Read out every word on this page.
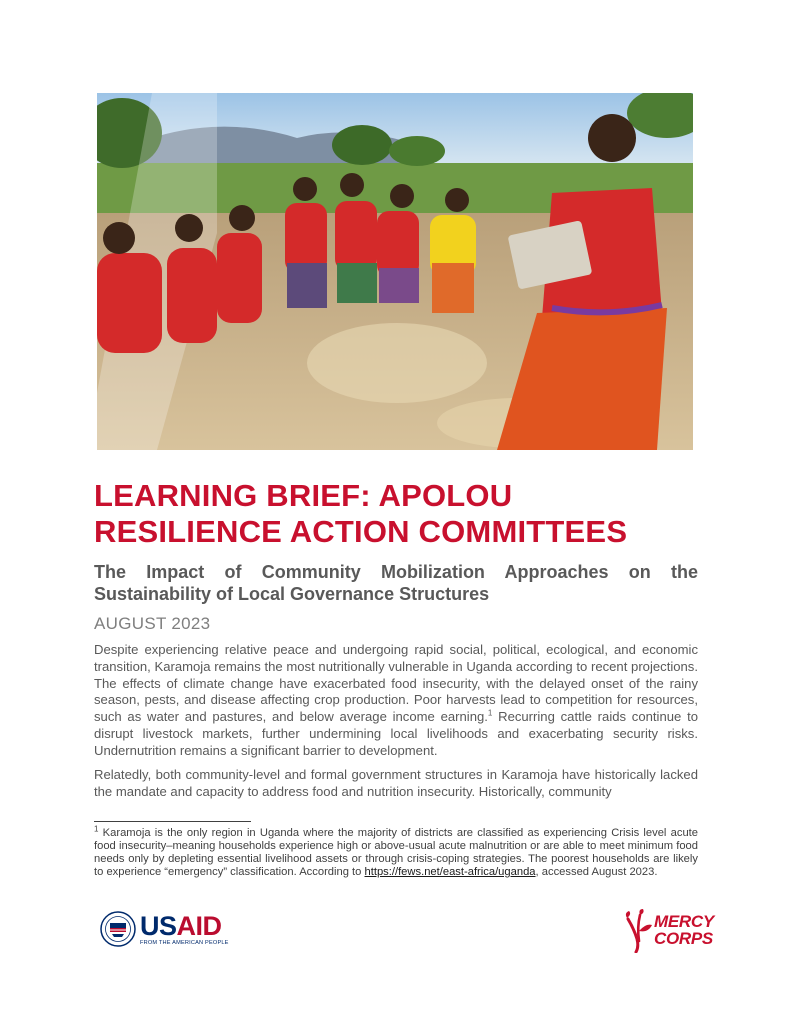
LEARNING BRIEF: APOLOU
RESILIENCE ACTION COMMITTEES

The Impact of Community Mobilization Approaches on the Sustainability of Local Governance Structures

AUGUST 2023

Despite experiencing relative peace and undergoing rapid social, political, ecological, and economic transition, Karamoja remains the most nutritionally vulnerable in Uganda according to recent projections. The effects of climate change have exacerbated food insecurity, with the delayed onset of the rainy season, pests, and disease affecting crop production. Poor harvests lead to competition for resources, such as water and pastures, and below average income earning.$^1$ Recurring cattle raids continue to disrupt livestock markets, further undermining local livelihoods and exacerbating security risks. Undernutrition remains a significant barrier to development.

Relatedly, both community-level and formal government structures in Karamoja have historically lacked the mandate and capacity to address food and nutrition insecurity. Historically, community

$^1$ Karamoja is the only region in Uganda where the majority of districts are classified as experiencing Crisis level acute food insecurity–meaning households experience high or above-usual acute malnutrition or are able to meet minimum food needs only by depleting essential livelihood assets or through crisis-coping strategies. The poorest households are likely to experience “emergency” classification. According to https://fews.net/east-africa/uganda, accessed August 2023.

USAID
FROM THE AMERICAN PEOPLE
MERCY
CORPS
